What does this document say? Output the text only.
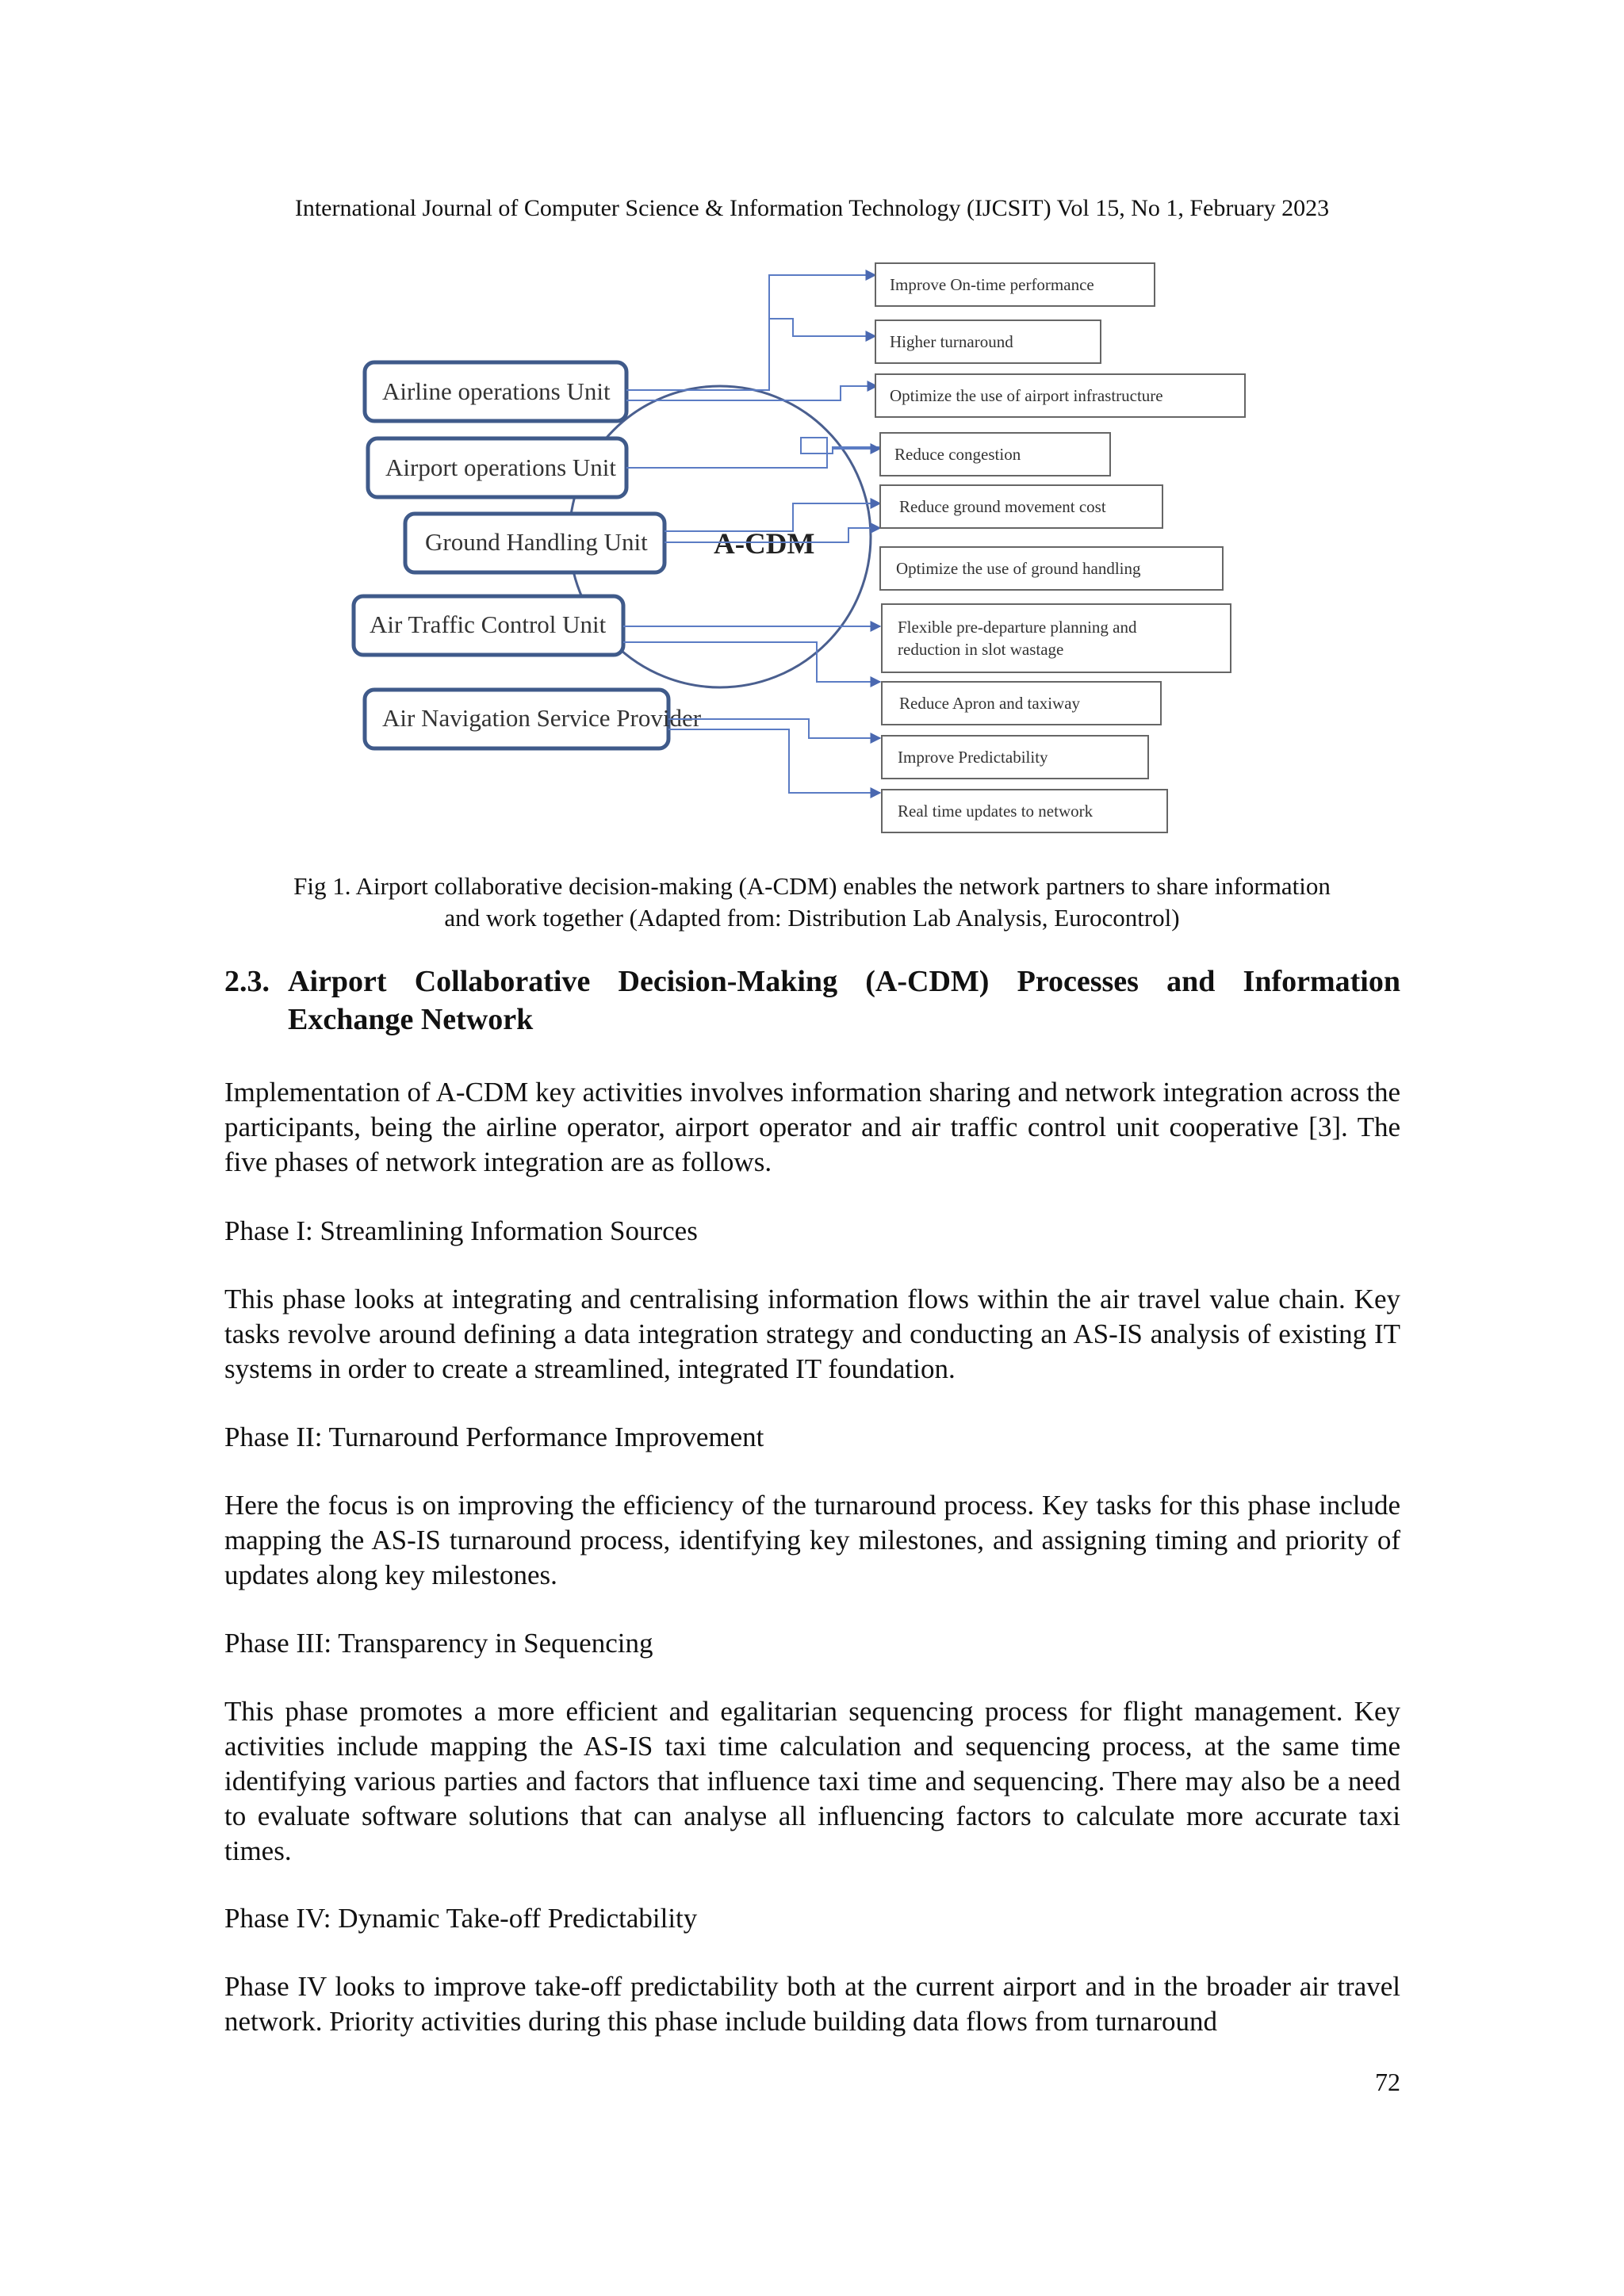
International Journal of Computer Science & Information Technology (IJCSIT) Vol 15, No 1, February 2023
Airline operations Unit
Airport operations Unit
Ground Handling Unit
Air Traffic Control Unit
Air Navigation Service Provider
A-CDM
Improve On-time performance
Higher turnaround
Optimize the use of airport infrastructure
Reduce congestion
Reduce ground movement cost
Optimize the use of ground handling
Flexible pre-departure planning and
reduction in slot wastage
Reduce Apron and taxiway
Improve Predictability
Real time updates to network
Fig 1. Airport collaborative decision-making (A-CDM) enables the network partners to share information
and work together (Adapted from: Distribution Lab Analysis, Eurocontrol)
2.3. Airport Collaborative Decision-Making (A-CDM) Processes and Information Exchange Network

Implementation of A-CDM key activities involves information sharing and network integration across the participants, being the airline operator, airport operator and air traffic control unit cooperative [3]. The five phases of network integration are as follows.

Phase I: Streamlining Information Sources

This phase looks at integrating and centralising information flows within the air travel value chain. Key tasks revolve around defining a data integration strategy and conducting an AS-IS analysis of existing IT systems in order to create a streamlined, integrated IT foundation.

Phase II: Turnaround Performance Improvement

Here the focus is on improving the efficiency of the turnaround process. Key tasks for this phase include mapping the AS-IS turnaround process, identifying key milestones, and assigning timing and priority of updates along key milestones.

Phase III: Transparency in Sequencing

This phase promotes a more efficient and egalitarian sequencing process for flight management. Key activities include mapping the AS-IS taxi time calculation and sequencing process, at the same time identifying various parties and factors that influence taxi time and sequencing. There may also be a need to evaluate software solutions that can analyse all influencing factors to calculate more accurate taxi times.

Phase IV: Dynamic Take-off Predictability

Phase IV looks to improve take-off predictability both at the current airport and in the broader air travel network. Priority activities during this phase include building data flows from turnaround

72
